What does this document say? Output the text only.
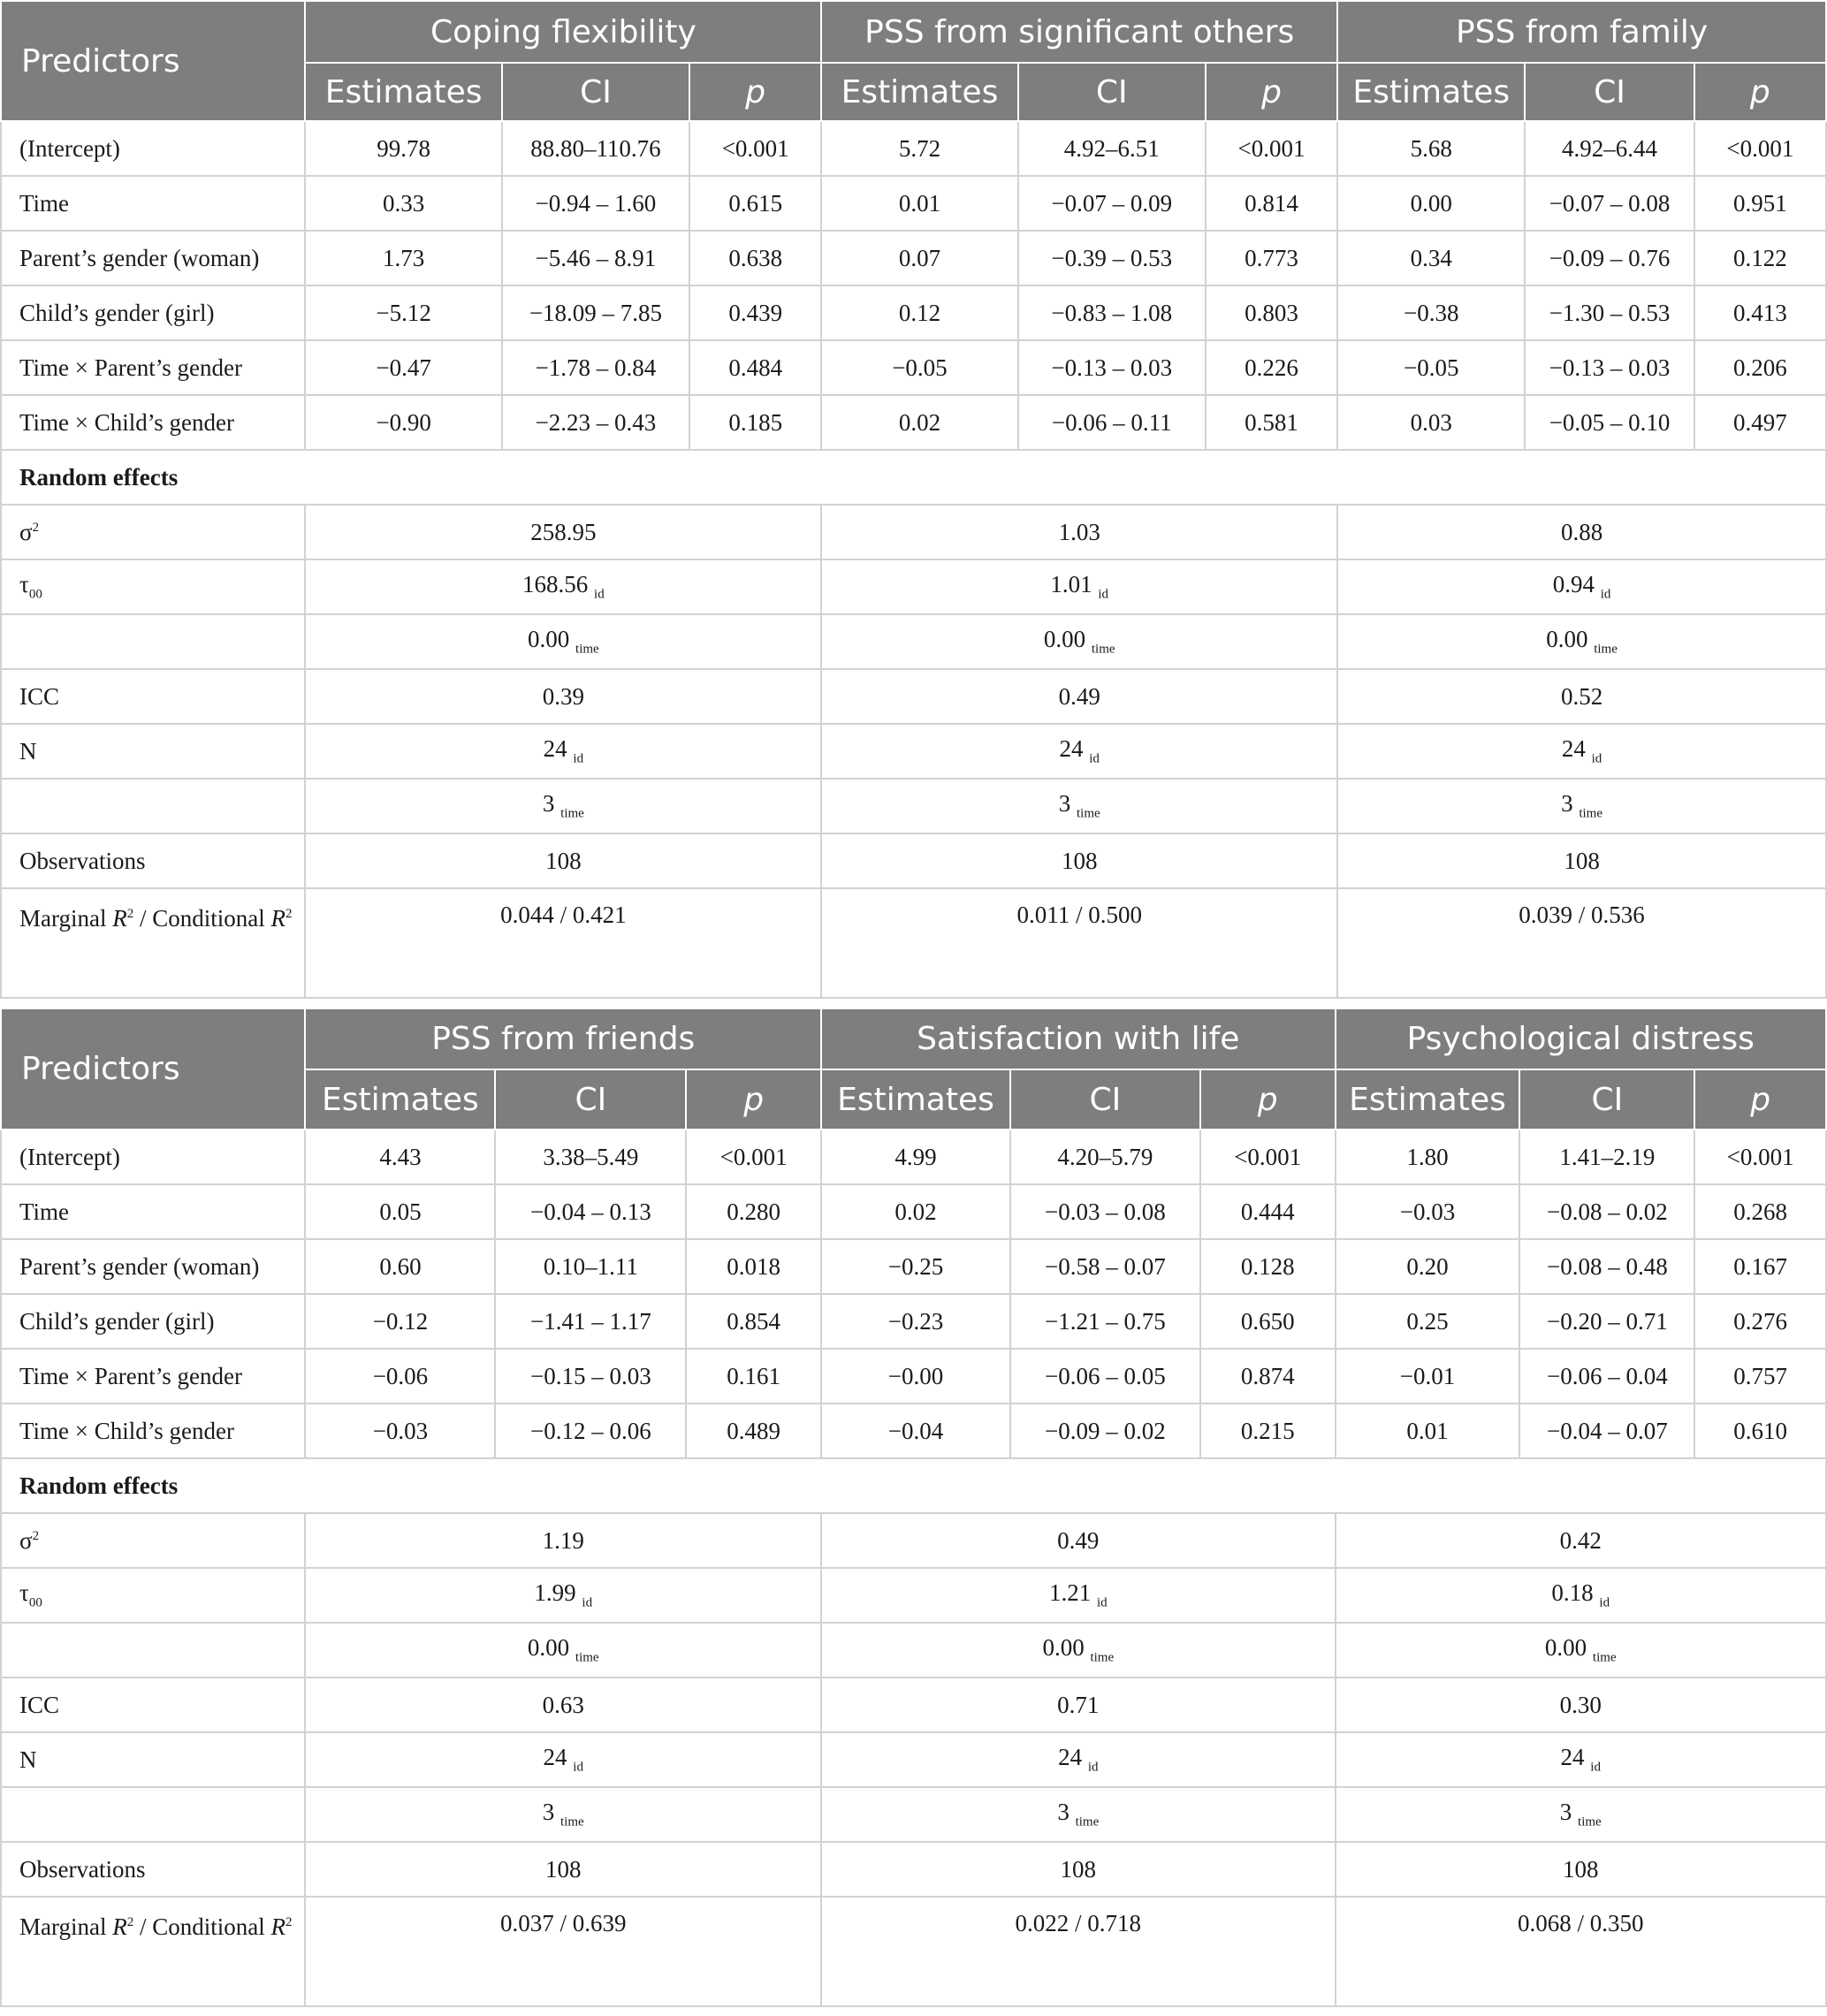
Predictors	Coping flexibility			PSS from significant others			PSS from family		
	Estimates	CI	p	Estimates	CI	p	Estimates	CI	p
(Intercept)	99.78	88.80–110.76	<0.001	5.72	4.92–6.51	<0.001	5.68	4.92–6.44	<0.001
Time	0.33	−0.94 – 1.60	0.615	0.01	−0.07 – 0.09	0.814	0.00	−0.07 – 0.08	0.951
Parent’s gender (woman)	1.73	−5.46 – 8.91	0.638	0.07	−0.39 – 0.53	0.773	0.34	−0.09 – 0.76	0.122
Child’s gender (girl)	−5.12	−18.09 – 7.85	0.439	0.12	−0.83 – 1.08	0.803	−0.38	−1.30 – 0.53	0.413
Time × Parent’s gender	−0.47	−1.78 – 0.84	0.484	−0.05	−0.13 – 0.03	0.226	−0.05	−0.13 – 0.03	0.206
Time × Child’s gender	−0.90	−2.23 – 0.43	0.185	0.02	−0.06 – 0.11	0.581	0.03	−0.05 – 0.10	0.497
Random effects									
$\sigma^2$	258.95			1.03			0.88		
$\tau_{00}$	168.56 $_{id}$			1.01 $_{id}$			0.94 $_{id}$
	0.00 $_{time}$			0.00 $_{time}$			0.00 $_{time}$
ICC	0.39			0.49			0.52		
N	24 $_{id}$			24 $_{id}$			24 $_{id}$
	3 $_{time}$			3 $_{time}$			3 $_{time}$
Observations	108			108			108		
Marginal $R^2$ / Conditional $R^2$	0.044 / 0.421			0.011 / 0.500			0.039 / 0.536		
Predictors	PSS from friends			Satisfaction with life			Psychological distress		
	Estimates	CI	p	Estimates	CI	p	Estimates	CI	p
(Intercept)	4.43	3.38–5.49	<0.001	4.99	4.20–5.79	<0.001	1.80	1.41–2.19	<0.001
Time	0.05	−0.04 – 0.13	0.280	0.02	−0.03 – 0.08	0.444	−0.03	−0.08 – 0.02	0.268
Parent’s gender (woman)	0.60	0.10–1.11	0.018	−0.25	−0.58 – 0.07	0.128	0.20	−0.08 – 0.48	0.167
Child’s gender (girl)	−0.12	−1.41 – 1.17	0.854	−0.23	−1.21 – 0.75	0.650	0.25	−0.20 – 0.71	0.276
Time × Parent’s gender	−0.06	−0.15 – 0.03	0.161	−0.00	−0.06 – 0.05	0.874	−0.01	−0.06 – 0.04	0.757
Time × Child’s gender	−0.03	−0.12 – 0.06	0.489	−0.04	−0.09 – 0.02	0.215	0.01	−0.04 – 0.07	0.610
Random effects									
$\sigma^2$	1.19			0.49			0.42		
$\tau_{00}$	1.99 $_{id}$			1.21 $_{id}$			0.18 $_{id}$
	0.00 $_{time}$			0.00 $_{time}$			0.00 $_{time}$
ICC	0.63			0.71			0.30		
N	24 $_{id}$			24 $_{id}$			24 $_{id}$
	3 $_{time}$			3 $_{time}$			3 $_{time}$
Observations	108			108			108		
Marginal $R^2$ / Conditional $R^2$	0.037 / 0.639			0.022 / 0.718			0.068 / 0.350		
